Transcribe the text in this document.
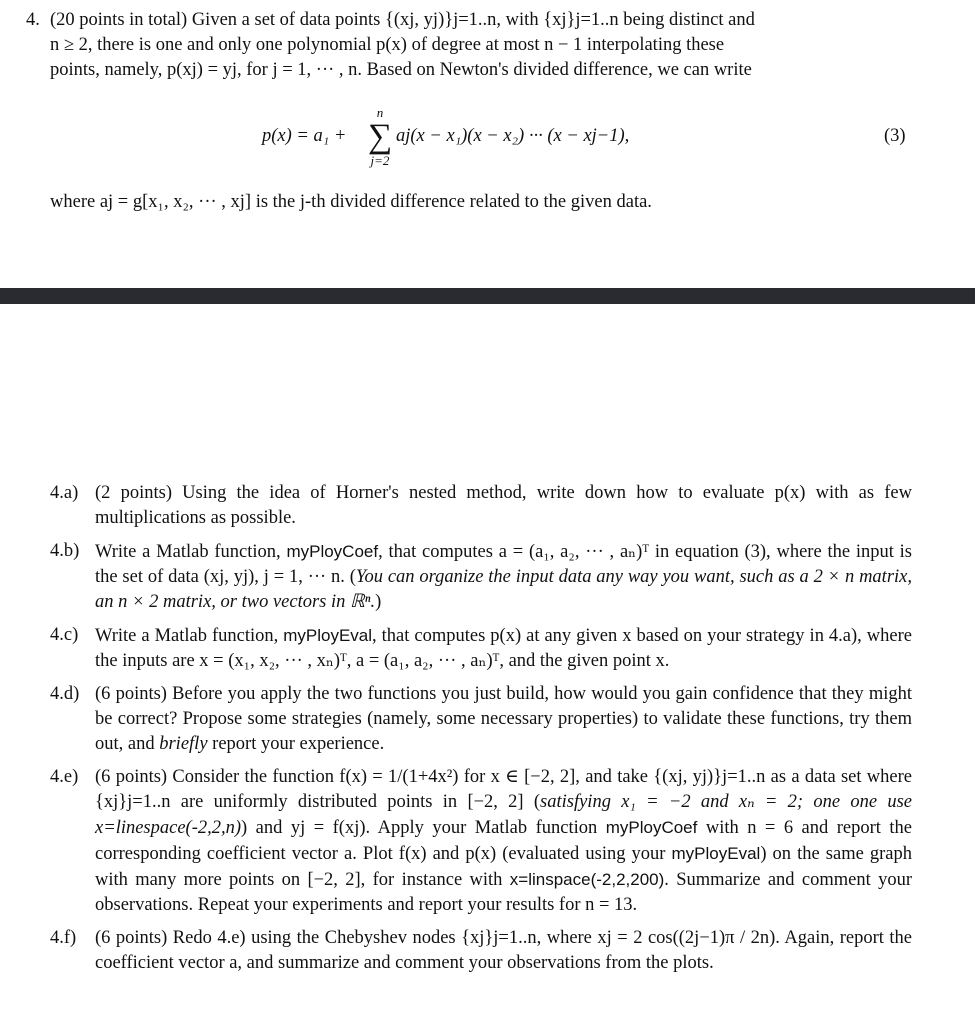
4. (20 points in total) Given a set of data points {(xj, yj)}j=1..n, with {xj}j=1..n being distinct and
n ≥ 2, there is one and only one polynomial p(x) of degree at most n − 1 interpolating these
points, namely, p(xj) = yj, for j = 1, ··· , n. Based on Newton's divided difference, we can write
p(x) = a₁ +
n
∑
j=2
aj(x − x₁)(x − x₂) ··· (x − xj−1),	(3)
where aj = g[x₁, x₂, ··· , xj] is the j-th divided difference related to the given data.
4.a) (2 points) Using the idea of Horner's nested method, write down how to evaluate p(x) with as few multiplications as possible.
4.b) Write a Matlab function, myPloyCoef, that computes a = (a₁, a₂, ··· , aₙ)ᵀ in equation (3), where the input is the set of data (xj, yj), j = 1, ··· n. (You can organize the input data any way you want, such as a 2 × n matrix, an n × 2 matrix, or two vectors in ℝⁿ.)
4.c) Write a Matlab function, myPloyEval, that computes p(x) at any given x based on your strategy in 4.a), where the inputs are x = (x₁, x₂, ··· , xₙ)ᵀ, a = (a₁, a₂, ··· , aₙ)ᵀ, and the given point x.
4.d) (6 points) Before you apply the two functions you just build, how would you gain confidence that they might be correct? Propose some strategies (namely, some necessary properties) to validate these functions, try them out, and briefly report your experience.
4.e) (6 points) Consider the function f(x) = 1/(1+4x²) for x ∈ [−2, 2], and take {(xj, yj)}j=1..n as a data set where {xj}j=1..n are uniformly distributed points in [−2, 2] (satisfying x₁ = −2 and xₙ = 2; one one use x=linespace(-2,2,n)) and yj = f(xj). Apply your Matlab function myPloyCoef with n = 6 and report the corresponding coefficient vector a. Plot f(x) and p(x) (evaluated using your myPloyEval) on the same graph with many more points on [−2, 2], for instance with x=linspace(-2,2,200). Summarize and comment your observations. Repeat your experiments and report your results for n = 13.
4.f)	(6 points) Redo 4.e) using the Chebyshev nodes {xj}j=1..n, where xj = 2 cos((2j−1)π / 2n). Again, report the coefficient vector a, and summarize and comment your observations from the plots.
